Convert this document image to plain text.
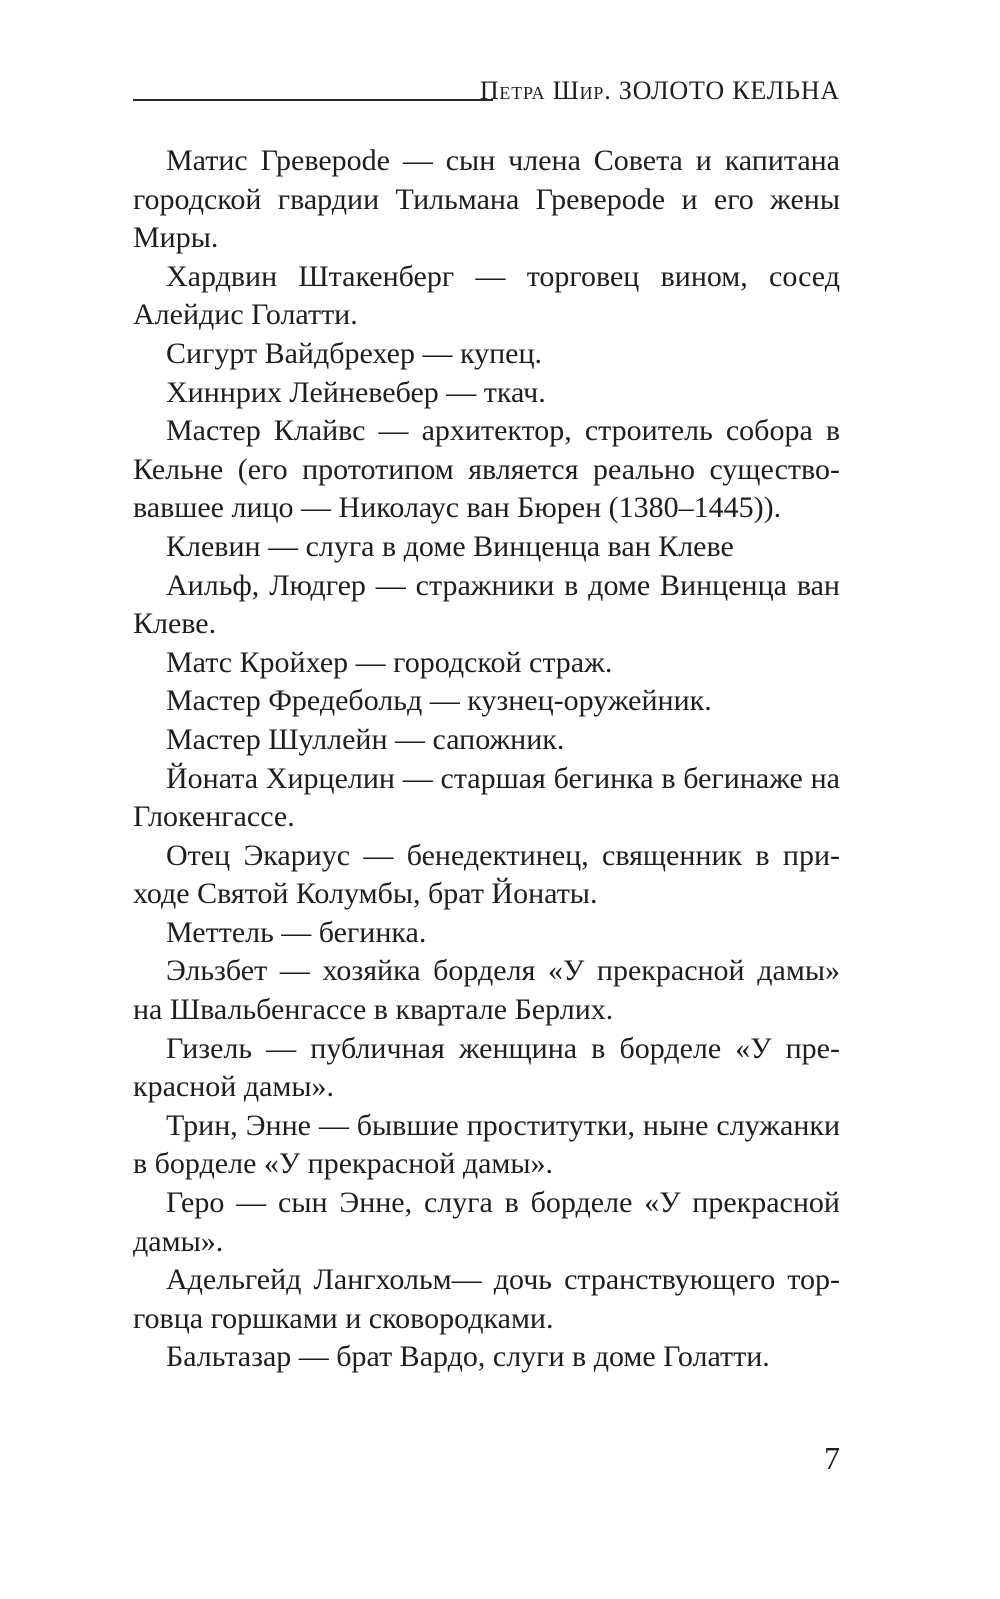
Петра Шир. ЗОЛОТО КЕЛЬНА

Матис Греверode — сын члена Совета и капитана городской гвардии Тильмана Греверode и его жены Миры.

Хардвин Штакенберг — торговец вином, сосед Алейдис Голатти.

Сигурт Вайдбрехер — купец.

Хиннрих Лейневебер — ткач.

Мастер Клайвс — архитектор, строитель собора в Кельне (его прототипом является реально существовавшее лицо — Николаус ван Бюрен (1380–1445)).

Клевин — слуга в доме Винценца ван Клеве

Аильф, Людгер — стражники в доме Винценца ван Клеве.

Матс Кройхер — городской страж.

Мастер Фредебольд — кузнец-оружейник.

Мастер Шуллейн — сапожник.

Йоната Хирцелин — старшая бегинка в бегинаже на Глокенгассе.

Отец Экариус — бенедектинец, священник в приходе Святой Колумбы, брат Йонаты.

Меттель — бегинка.

Эльзбет — хозяйка борделя «У прекрасной дамы» на Швальбенгассе в квартале Берлих.

Гизель — публичная женщина в борделе «У прекрасной дамы».

Трин, Энне — бывшие проститутки, ныне служанки в борделе «У прекрасной дамы».

Геро — сын Энне, слуга в борделе «У прекрасной дамы».

Адельгейд Лангхольм— дочь странствующего торговца горшками и сковородками.

Бальтазар — брат Вардо, слуги в доме Голатти.

7
